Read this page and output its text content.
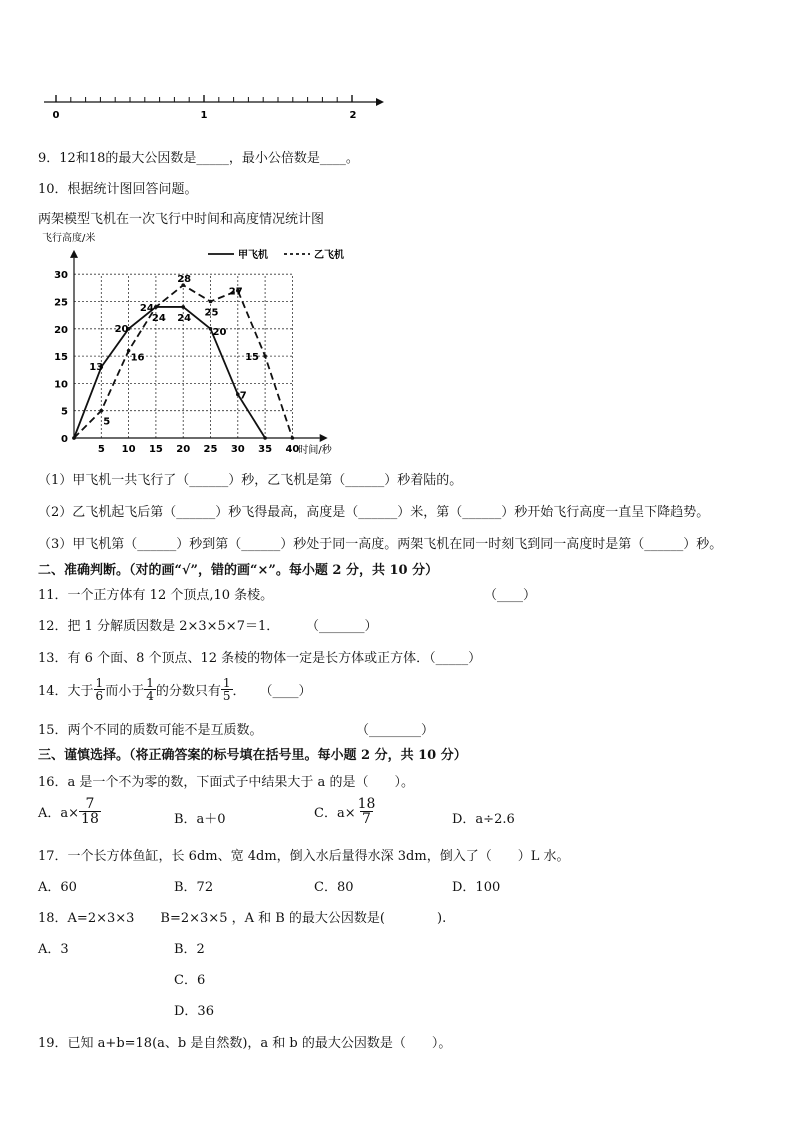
0	1	2
9．12和18的最大公因数是_____，最小公倍数是____。
10．根据统计图回答问题。
两架模型飞机在一次飞行中时间和高度情况统计图
飞行高度/米
时间/秒
5 10 15 20 25 30 35 40
0
5
10
15
20
25
30
甲飞机	乙飞机
13
20
24
24
20
7
5
16
24
28
25
27
15
（1）甲飞机一共飞行了（______）秒，乙飞机是第（______）秒着陆的。
（2）乙飞机起飞后第（______）秒飞得最高，高度是（______）米，第（______）秒开始飞行高度一直呈下降趋势。
（3）甲飞机第（______）秒到第（______）秒处于同一高度。两架飞机在同一时刻飞到同一高度时是第（______）秒。
二、准确判断。（对的画“√”，错的画“×”。每小题 2 分，共 10 分）
11．一个正方体有 12 个顶点,10 条棱。	（____）
12．把 1 分解质因数是 2×3×5×7＝1． （_______）
13．有 6 个面、8 个顶点、12 条棱的物体一定是长方体或正方体．（_____）
14．大于 $\frac{1}{6}$ 而小于 $\frac{1}{4}$ 的分数只有 $\frac{1}{5}$ ． （____）
15．两个不同的质数可能不是互质数。	（________）
三、谨慎选择。（将正确答案的标号填在括号里。每小题 2 分，共 10 分）
16．a 是一个不为零的数，下面式子中结果大于 a 的是（　　）。
A．$a\times \frac{7}{18}$	B．a＋0	C．$a\times \frac{18}{7}$	D．a÷2.6
17．一个长方体鱼缸，长 6dm、宽 4dm，倒入水后量得水深 3dm，倒入了（　　）L 水。
A．60	B．72	C．80	D．100
18．A=2×3×3　　B=2×3×5 ，A 和 B 的最大公因数是(　　　　).
A．3	B．2
C．6
D．36
19．已知 a+b=18(a、b 是自然数)，a 和 b 的最大公因数是（　　）。
